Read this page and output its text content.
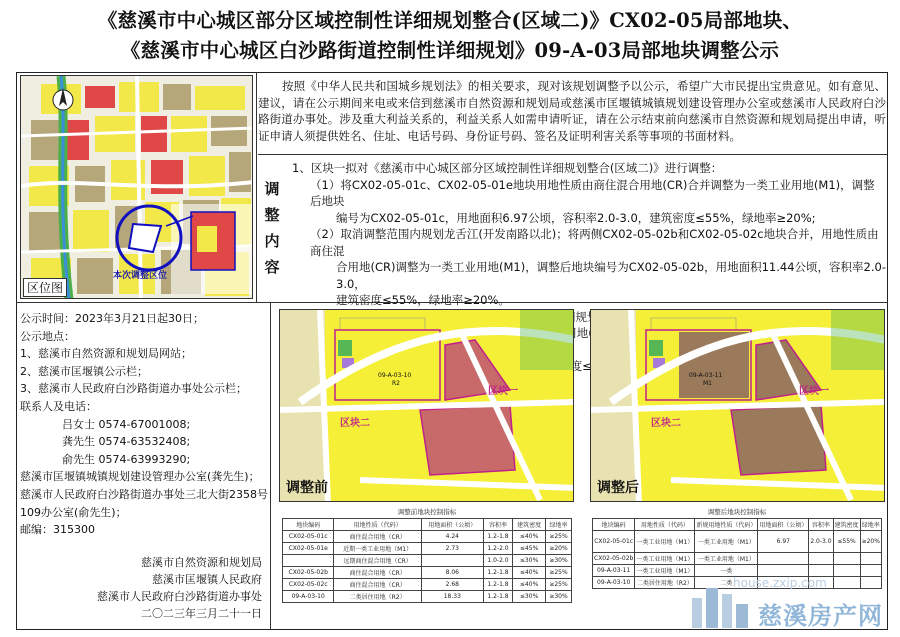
《慈溪市中心城区部分区域控制性详细规划整合(区域二)》CX02-05局部地块、
《慈溪市中心城区白沙路街道控制性详细规划》09-A-03局部地块调整公示
本次调整区位
区位图
按照《中华人民共和国城乡规划法》的相关要求，现对该规划调整予以公示，希望广大市民提出宝贵意见。如有意见、建议，请在公示期间来电或来信到慈溪市自然资源和规划局或慈溪市匡堰镇城镇规划建设管理办公室或慈溪市人民政府白沙路街道办事处。涉及重大利益关系的，利益关系人如需申请听证，请在公示结束前向慈溪市自然资源和规划局提出申请，听证申请人须提供姓名、住址、电话号码、身份证号码、签名及证明利害关系等事项的书面材料。
调
整
内
容
1、区块一拟对《慈溪市中心城区部分区域控制性详细规划整合(区域二)》进行调整：
（1）将CX02-05-01c、CX02-05-01e地块用地性质由商住混合用地(CR)合并调整为一类工业用地(M1)，调整后地块
编号为CX02-05-01c，用地面积6.97公顷，容积率2.0-3.0，建筑密度≤55%，绿地率≥20%;
（2）取消调整范围内规划龙舌江(开发南路以北)；将两侧CX02-05-02b和CX02-05-02c地块合并，用地性质由商住混
合用地(CR)调整为一类工业用地(M1)，调整后地块编号为CX02-05-02b，用地面积11.44公顷，容积率2.0-3.0，
建筑密度≤55%，绿地率≥20%。
公示时间：2023年3月21日起30日；
公示地点：
1、慈溪市自然资源和规划局网站；
2、慈溪市匡堰镇公示栏；
3、慈溪市人民政府白沙路街道办事处公示栏；
联系人及电话：
吕女士 0574-67001008;
龚先生 0574-63532408;
俞先生 0574-63993290;
慈溪市匡堰镇城镇规划建设管理办公室(龚先生)；
慈溪市人民政府白沙路街道办事处三北大街2358号
109办公室(俞先生)；
邮编：315300
慈溪市自然资源和规划局
慈溪市匡堰镇人民政府
慈溪市人民政府白沙路街道办事处
二〇二三年三月二十一日
09-A-03-10
R2
区块一
区块二
调整前
09-A-03-11
M1
区块一
区块二
调整后
调整前地块控制指标
地块编码	用地性质（代码）	用地面积（公顷）	容积率	建筑密度	绿地率
CX02-05-01c	商住混合用地（CR）	4.24	1.2-1.8	≤40%	≥25%
CX02-05-01e	近期一类工业用地（M1）	2.73	1.2-2.0	≤45%	≥20%
	远期商住混合用地（CR）		1.0-2.0	≤30%	≥30%
CX02-05-02b	商住混合用地（CR）	8.06	1.2-1.8	≤40%	≥25%
CX02-05-02c	商住混合用地（CR）	2.68	1.2-1.8	≤40%	≥25%
09-A-03-10	二类居住用地（R2）	18.33	1.2-1.8	≤30%	≥30%
调整后地块控制指标
地块编码	用地性质（代码）	新规用地性质（代码）	用地面积（公顷）	容积率	建筑密度	绿地率
CX02-05-01c	一类工业用地（M1）	一类工业用地（M1）	6.97	2.0-3.0	≤55%	≥20%
CX02-05-02b	一类工业用地（M1）	一类工业用地（M1）				
09-A-03-11	一类工业用地（M1）	一类				
09-A-03-10	二类居住用地（R2）	二类				house.zxip.com
慈溪房产网
